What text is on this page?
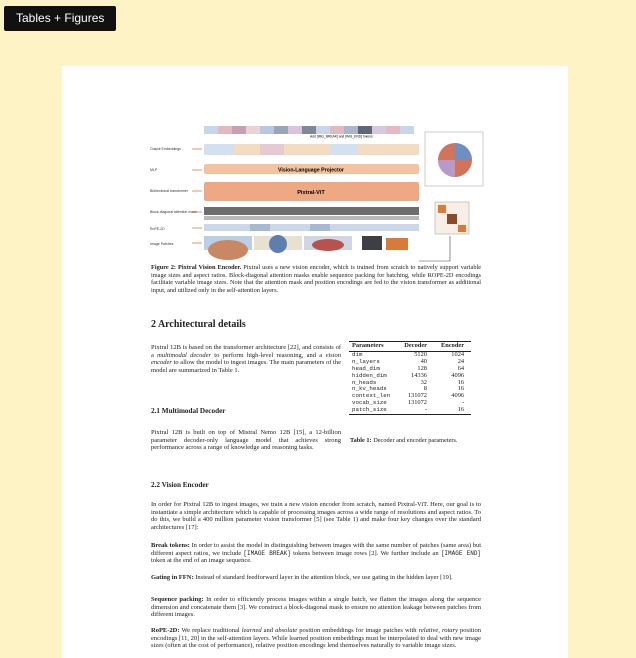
Tables + Figures
Add [IMG_BREAK] and [IMG_END] tokens
Vision-Language Projector
Pixtral-ViT
Output Embeddings
MLP
Bidirectional transformer
Block-diagonal attention mask
RoPE-2D
Image Patches
Figure 2: Pixtral Vision Encoder. Pixtral uses a new vision encoder, which is trained from scratch to natively support variable image sizes and aspect ratios. Block-diagonal attention masks enable sequence packing for batching, while ROPE-2D encodings facilitate variable image sizes. Note that the attention mask and position encodings are fed to the vision transformer as additional input, and utilized only in the self-attention layers.
2 Architectural details
Pixtral 12B is based on the transformer architecture [22], and consists of a multimodal decoder to perform high-level reasoning, and a vision encoder to allow the model to ingest images. The main parameters of the model are summarized in Table 1.
Parameters	Decoder	Encoder
dim	5120	1024
n_layers	40	24
head_dim	128	64
hidden_dim	14336	4096
n_heads	32	16
n_kv_heads	8	16
context_len	131072	4096
vocab_size	131072	-
patch_size	-	16
Table 1: Decoder and encoder parameters.
2.1 Multimodal Decoder
Pixtral 12B is built on top of Mistral Nemo 12B [15], a 12-billion parameter decoder-only language model that achieves strong performance across a range of knowledge and reasoning tasks.
2.2 Vision Encoder
In order for Pixtral 12B to ingest images, we train a new vision encoder from scratch, named Pixtral-ViT. Here, our goal is to instantiate a simple architecture which is capable of processing images across a wide range of resolutions and aspect ratios. To do this, we build a 400 million parameter vision transformer [5] (see Table 1) and make four key changes over the standard architectures [17]:
Break tokens: In order to assist the model in distinguishing between images with the same number of patches (same area) but different aspect ratios, we include [IMAGE BREAK] tokens between image rows [2]. We further include an [IMAGE END] token at the end of an image sequence.
Gating in FFN: Instead of standard feedforward layer in the attention block, we use gating in the hidden layer [19].
Sequence packing: In order to efficiently process images within a single batch, we flatten the images along the sequence dimension and concatenate them [3]. We construct a block-diagonal mask to ensure no attention leakage between patches from different images.
RoPE-2D: We replace traditional learned and absolute position embeddings for image patches with relative, rotary position encodings [11, 20] in the self-attention layers. While learned position embeddings must be interpolated to deal with new image sizes (often at the cost of performance), relative position encodings lend themselves naturally to variable image sizes.
